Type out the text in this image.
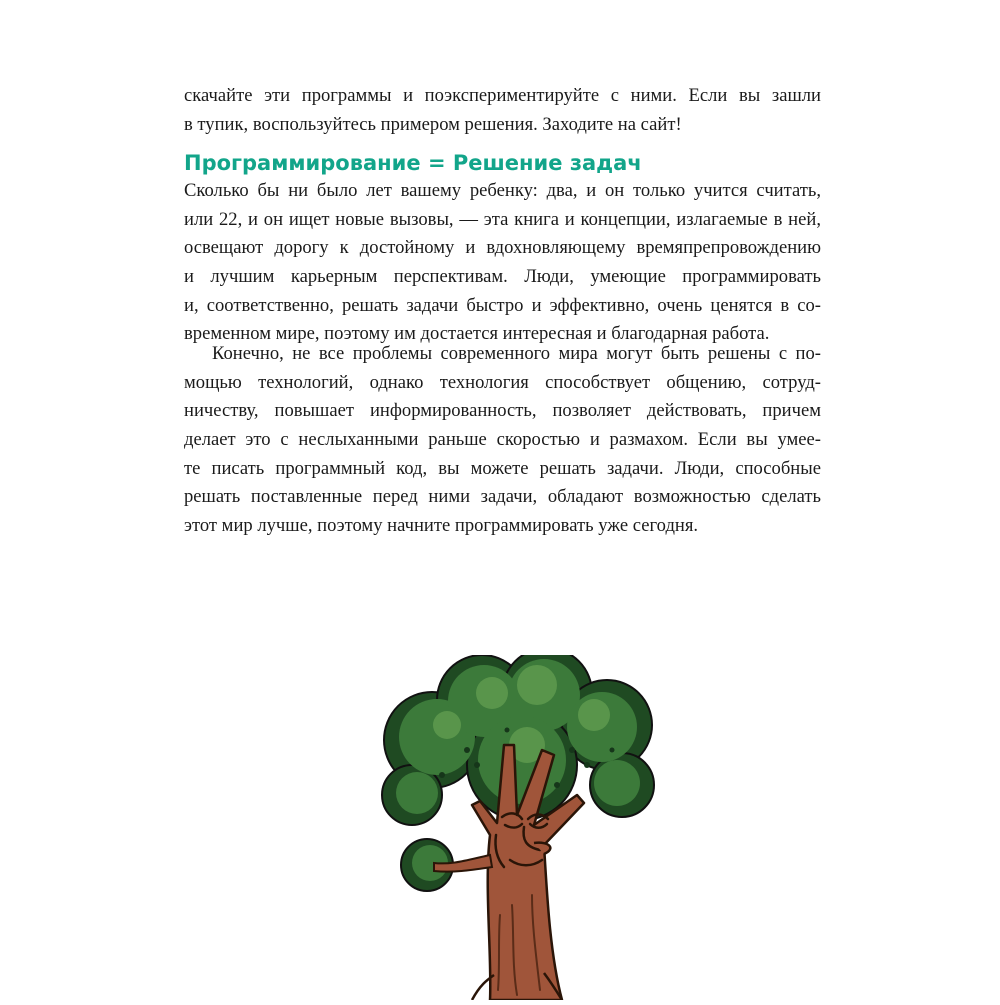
скачайте эти программы и поэкспериментируйте с ними. Если вы зашли
в тупик, воспользуйтесь примером решения. Заходите на сайт!
Программирование = Решение задач
Сколько бы ни было лет вашему ребенку: два, и он только учится считать,
или 22, и он ищет новые вызовы, — эта книга и концепции, излагаемые в ней,
освещают дорогу к достойному и вдохновляющему времяпрепровождению
и лучшим карьерным перспективам. Люди, умеющие программировать
и, соответственно, решать задачи быстро и эффективно, очень ценятся в со-
временном мире, поэтому им достается интересная и благодарная работа.
Конечно, не все проблемы современного мира могут быть решены с по-
мощью технологий, однако технология способствует общению, сотруд-
ничеству, повышает информированность, позволяет действовать, причем
делает это с неслыханными раньше скоростью и размахом. Если вы умее-
те писать программный код, вы можете решать задачи. Люди, способные
решать поставленные перед ними задачи, обладают возможностью сделать
этот мир лучше, поэтому начните программировать уже сегодня.
